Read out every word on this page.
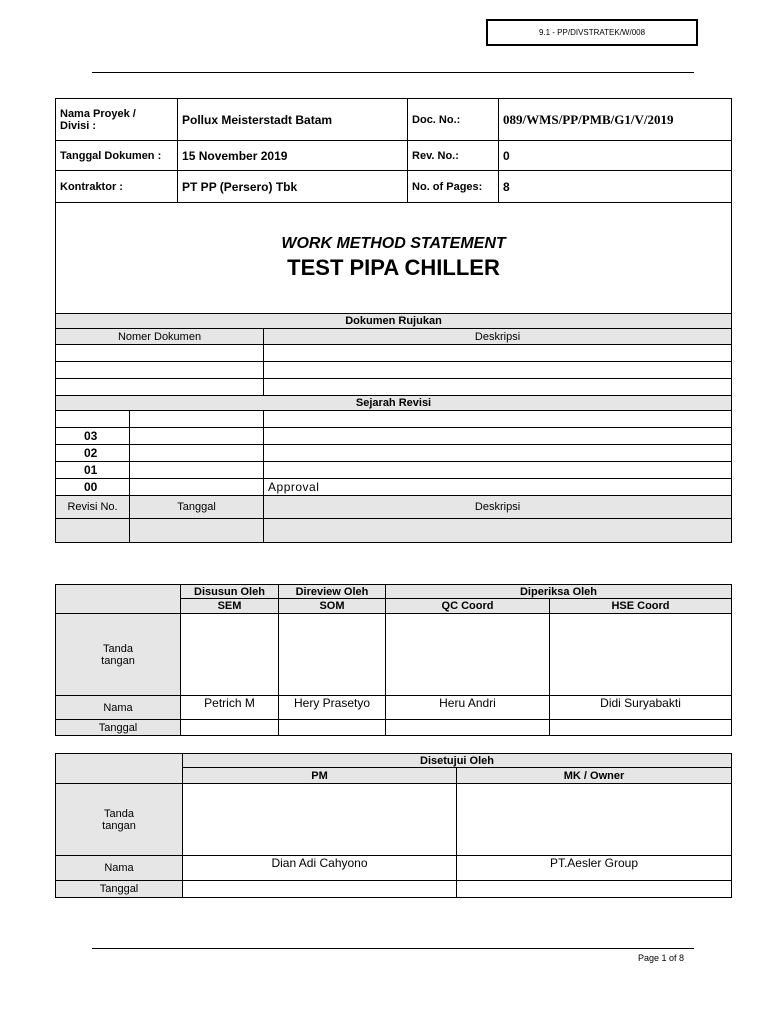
9.1 - PP/DIVSTRATEK/W/008
Nama Proyek /
Divisi :		Pollux Meisterstadt Batam		Doc. No.:	089/WMS/PP/PMB/G1/V/2019
Tanggal Dokumen :		15 November 2019		Rev. No.:	0
Kontraktor :		PT PP (Persero) Tbk		No. of Pages:	8

WORK METHOD STATEMENT
TEST PIPA CHILLER					

Dokumen Rujukan					
Nomer Dokumen			Deskripsi		

Sejarah Revisi					

03					
02					
01					
00			Approval		
Revisi No.	Tanggal		Deskripsi		

	Disusun Oleh	Direview Oleh	Diperiksa Oleh	
	SEM	SOM	QC Coord	HSE Coord
Tanda
tangan				
Nama	Petrich M	Hery Prasetyo	Heru Andri	Didi Suryabakti
Tanggal				
	Disetujui Oleh	
	PM	MK / Owner
Tanda
tangan		
Nama	Dian Adi Cahyono	PT.Aesler Group
Tanggal		
Page 1 of 8
